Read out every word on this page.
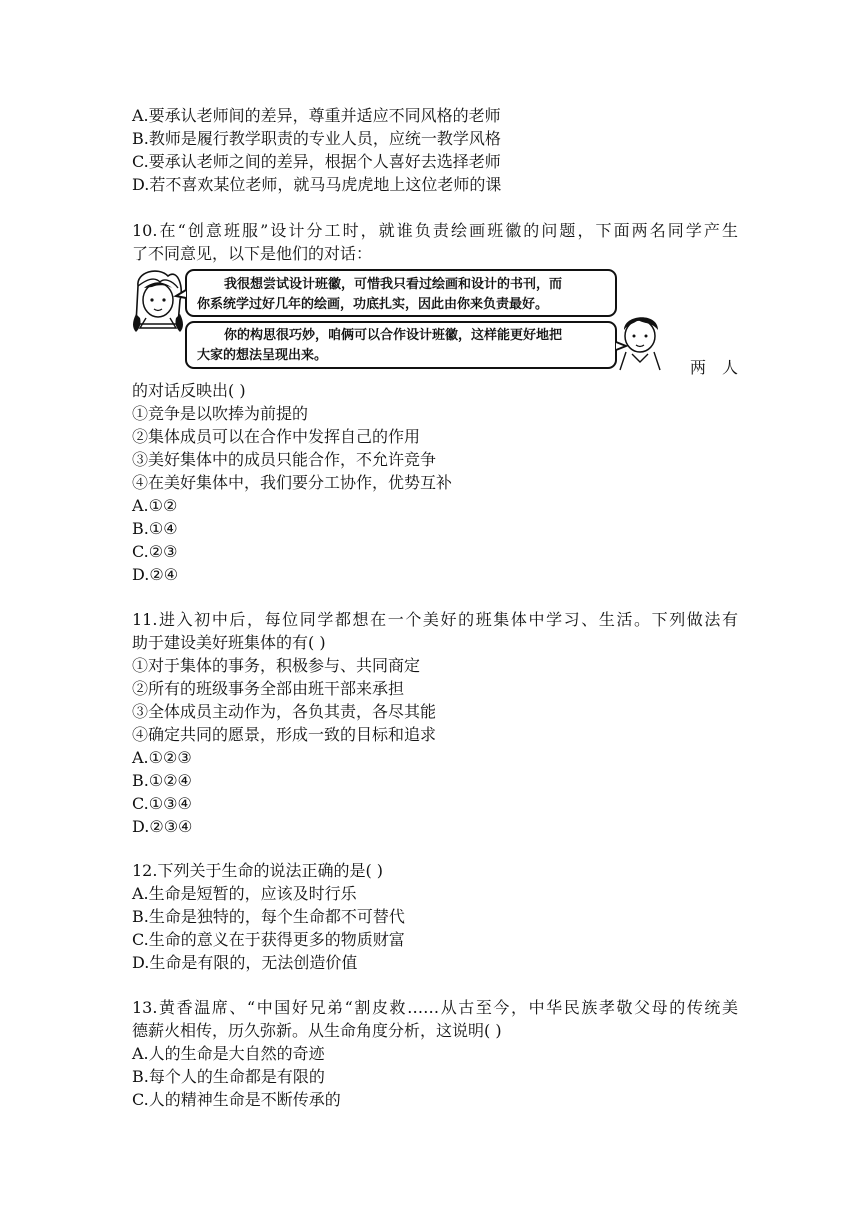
A.要承认老师间的差异，尊重并适应不同风格的老师
B.教师是履行教学职责的专业人员，应统一教学风格
C.要承认老师之间的差异，根据个人喜好去选择老师
D.若不喜欢某位老师，就马马虎虎地上这位老师的课
10.在“创意班服”设计分工时，就谁负责绘画班徽的问题，下面两名同学产生
了不同意见，以下是他们的对话：
我很想尝试设计班徽，可惜我只看过绘画和设计的书刊，而
你系统学过好几年的绘画，功底扎实，因此由你来负责最好。
你的构思很巧妙，咱俩可以合作设计班徽，这样能更好地把
大家的想法呈现出来。
两人
的对话反映出( )
①竞争是以吹捧为前提的
②集体成员可以在合作中发挥自己的作用
③美好集体中的成员只能合作，不允许竞争
④在美好集体中，我们要分工协作，优势互补
A.①②
B.①④
C.②③
D.②④
11.进入初中后，每位同学都想在一个美好的班集体中学习、生活。下列做法有
助于建设美好班集体的有( )
①对于集体的事务，积极参与、共同商定
②所有的班级事务全部由班干部来承担
③全体成员主动作为，各负其责，各尽其能
④确定共同的愿景，形成一致的目标和追求
A.①②③
B.①②④
C.①③④
D.②③④
12.下列关于生命的说法正确的是( )
A.生命是短暂的，应该及时行乐
B.生命是独特的，每个生命都不可替代
C.生命的意义在于获得更多的物质财富
D.生命是有限的，无法创造价值
13.黄香温席、“中国好兄弟“割皮救……从古至今，中华民族孝敬父母的传统美
德薪火相传，历久弥新。从生命角度分析，这说明( )
A.人的生命是大自然的奇迹
B.每个人的生命都是有限的
C.人的精神生命是不断传承的
